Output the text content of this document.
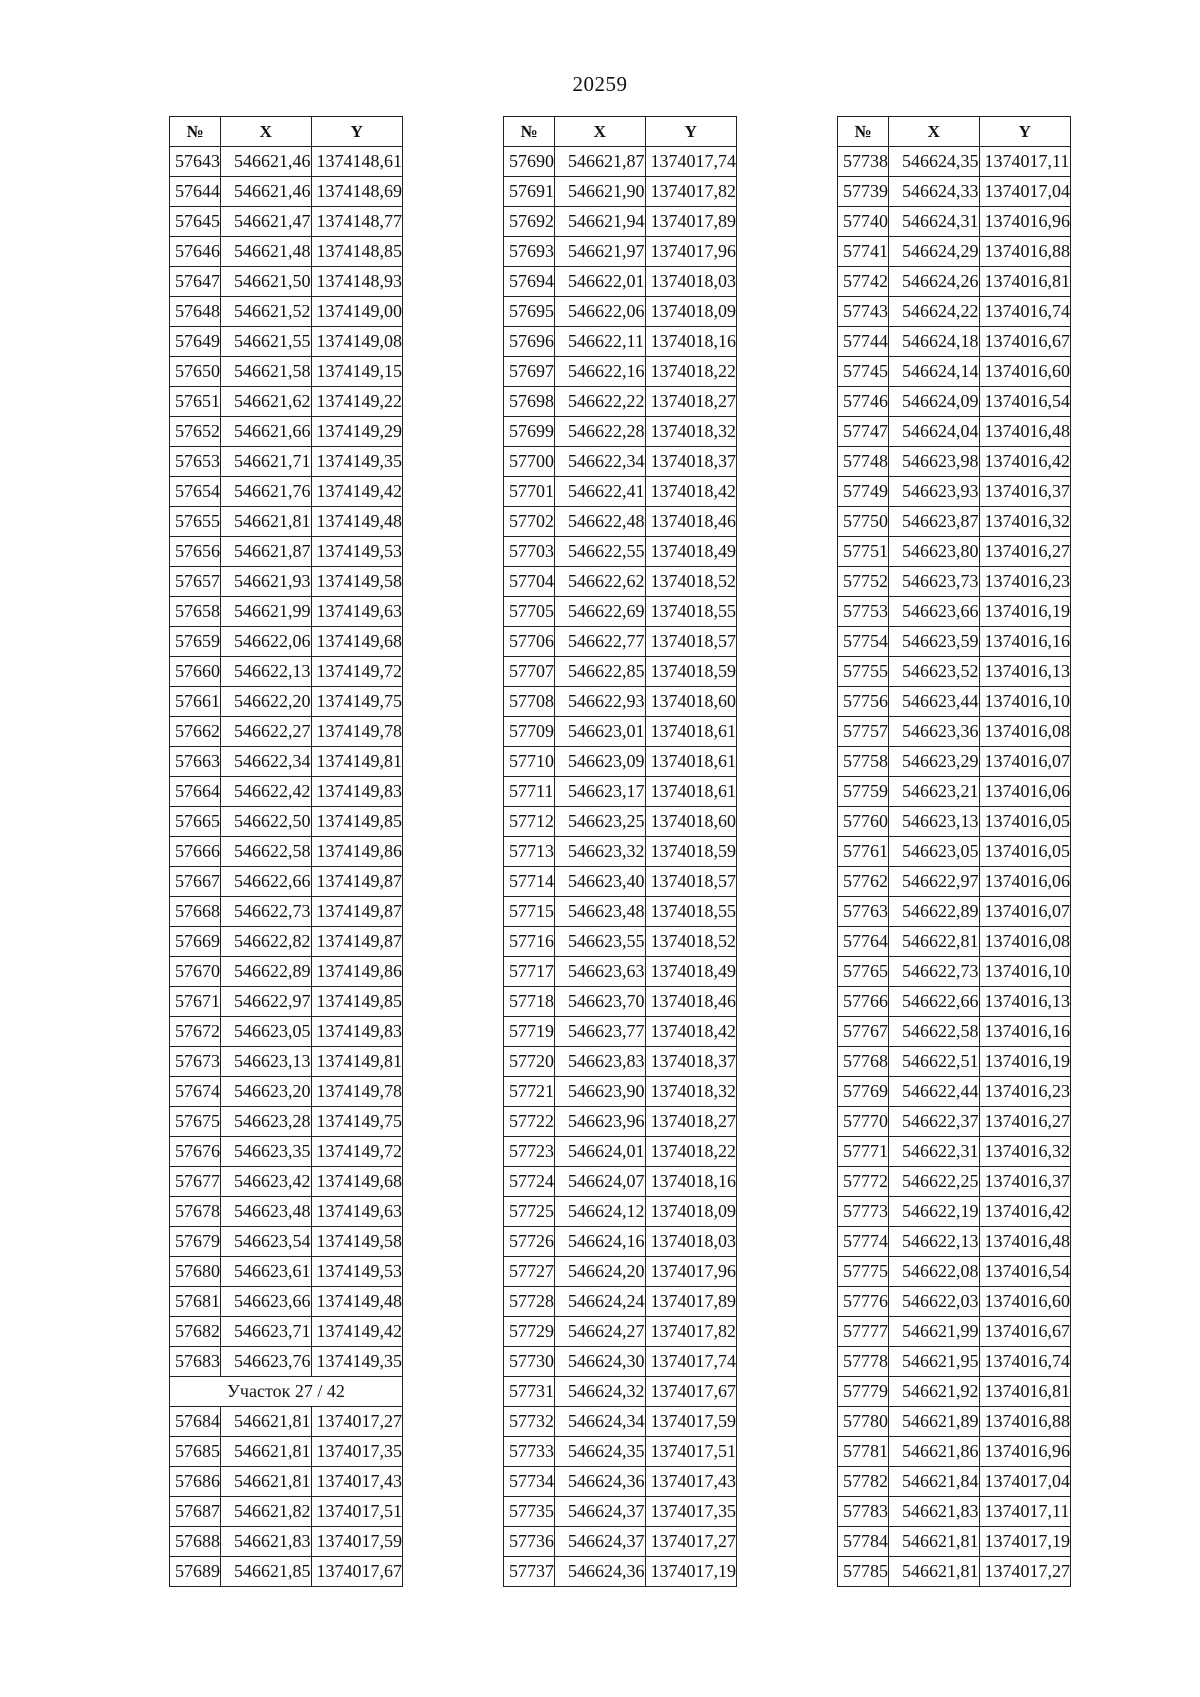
20259
№	X	Y
57643	546621,46	1374148,61
57644	546621,46	1374148,69
57645	546621,47	1374148,77
57646	546621,48	1374148,85
57647	546621,50	1374148,93
57648	546621,52	1374149,00
57649	546621,55	1374149,08
57650	546621,58	1374149,15
57651	546621,62	1374149,22
57652	546621,66	1374149,29
57653	546621,71	1374149,35
57654	546621,76	1374149,42
57655	546621,81	1374149,48
57656	546621,87	1374149,53
57657	546621,93	1374149,58
57658	546621,99	1374149,63
57659	546622,06	1374149,68
57660	546622,13	1374149,72
57661	546622,20	1374149,75
57662	546622,27	1374149,78
57663	546622,34	1374149,81
57664	546622,42	1374149,83
57665	546622,50	1374149,85
57666	546622,58	1374149,86
57667	546622,66	1374149,87
57668	546622,73	1374149,87
57669	546622,82	1374149,87
57670	546622,89	1374149,86
57671	546622,97	1374149,85
57672	546623,05	1374149,83
57673	546623,13	1374149,81
57674	546623,20	1374149,78
57675	546623,28	1374149,75
57676	546623,35	1374149,72
57677	546623,42	1374149,68
57678	546623,48	1374149,63
57679	546623,54	1374149,58
57680	546623,61	1374149,53
57681	546623,66	1374149,48
57682	546623,71	1374149,42
57683	546623,76	1374149,35
Участок 27 / 42		
57684	546621,81	1374017,27
57685	546621,81	1374017,35
57686	546621,81	1374017,43
57687	546621,82	1374017,51
57688	546621,83	1374017,59
57689	546621,85	1374017,67
№	X	Y
57690	546621,87	1374017,74
57691	546621,90	1374017,82
57692	546621,94	1374017,89
57693	546621,97	1374017,96
57694	546622,01	1374018,03
57695	546622,06	1374018,09
57696	546622,11	1374018,16
57697	546622,16	1374018,22
57698	546622,22	1374018,27
57699	546622,28	1374018,32
57700	546622,34	1374018,37
57701	546622,41	1374018,42
57702	546622,48	1374018,46
57703	546622,55	1374018,49
57704	546622,62	1374018,52
57705	546622,69	1374018,55
57706	546622,77	1374018,57
57707	546622,85	1374018,59
57708	546622,93	1374018,60
57709	546623,01	1374018,61
57710	546623,09	1374018,61
57711	546623,17	1374018,61
57712	546623,25	1374018,60
57713	546623,32	1374018,59
57714	546623,40	1374018,57
57715	546623,48	1374018,55
57716	546623,55	1374018,52
57717	546623,63	1374018,49
57718	546623,70	1374018,46
57719	546623,77	1374018,42
57720	546623,83	1374018,37
57721	546623,90	1374018,32
57722	546623,96	1374018,27
57723	546624,01	1374018,22
57724	546624,07	1374018,16
57725	546624,12	1374018,09
57726	546624,16	1374018,03
57727	546624,20	1374017,96
57728	546624,24	1374017,89
57729	546624,27	1374017,82
57730	546624,30	1374017,74
57731	546624,32	1374017,67
57732	546624,34	1374017,59
57733	546624,35	1374017,51
57734	546624,36	1374017,43
57735	546624,37	1374017,35
57736	546624,37	1374017,27
57737	546624,36	1374017,19
№	X	Y
57738	546624,35	1374017,11
57739	546624,33	1374017,04
57740	546624,31	1374016,96
57741	546624,29	1374016,88
57742	546624,26	1374016,81
57743	546624,22	1374016,74
57744	546624,18	1374016,67
57745	546624,14	1374016,60
57746	546624,09	1374016,54
57747	546624,04	1374016,48
57748	546623,98	1374016,42
57749	546623,93	1374016,37
57750	546623,87	1374016,32
57751	546623,80	1374016,27
57752	546623,73	1374016,23
57753	546623,66	1374016,19
57754	546623,59	1374016,16
57755	546623,52	1374016,13
57756	546623,44	1374016,10
57757	546623,36	1374016,08
57758	546623,29	1374016,07
57759	546623,21	1374016,06
57760	546623,13	1374016,05
57761	546623,05	1374016,05
57762	546622,97	1374016,06
57763	546622,89	1374016,07
57764	546622,81	1374016,08
57765	546622,73	1374016,10
57766	546622,66	1374016,13
57767	546622,58	1374016,16
57768	546622,51	1374016,19
57769	546622,44	1374016,23
57770	546622,37	1374016,27
57771	546622,31	1374016,32
57772	546622,25	1374016,37
57773	546622,19	1374016,42
57774	546622,13	1374016,48
57775	546622,08	1374016,54
57776	546622,03	1374016,60
57777	546621,99	1374016,67
57778	546621,95	1374016,74
57779	546621,92	1374016,81
57780	546621,89	1374016,88
57781	546621,86	1374016,96
57782	546621,84	1374017,04
57783	546621,83	1374017,11
57784	546621,81	1374017,19
57785	546621,81	1374017,27
